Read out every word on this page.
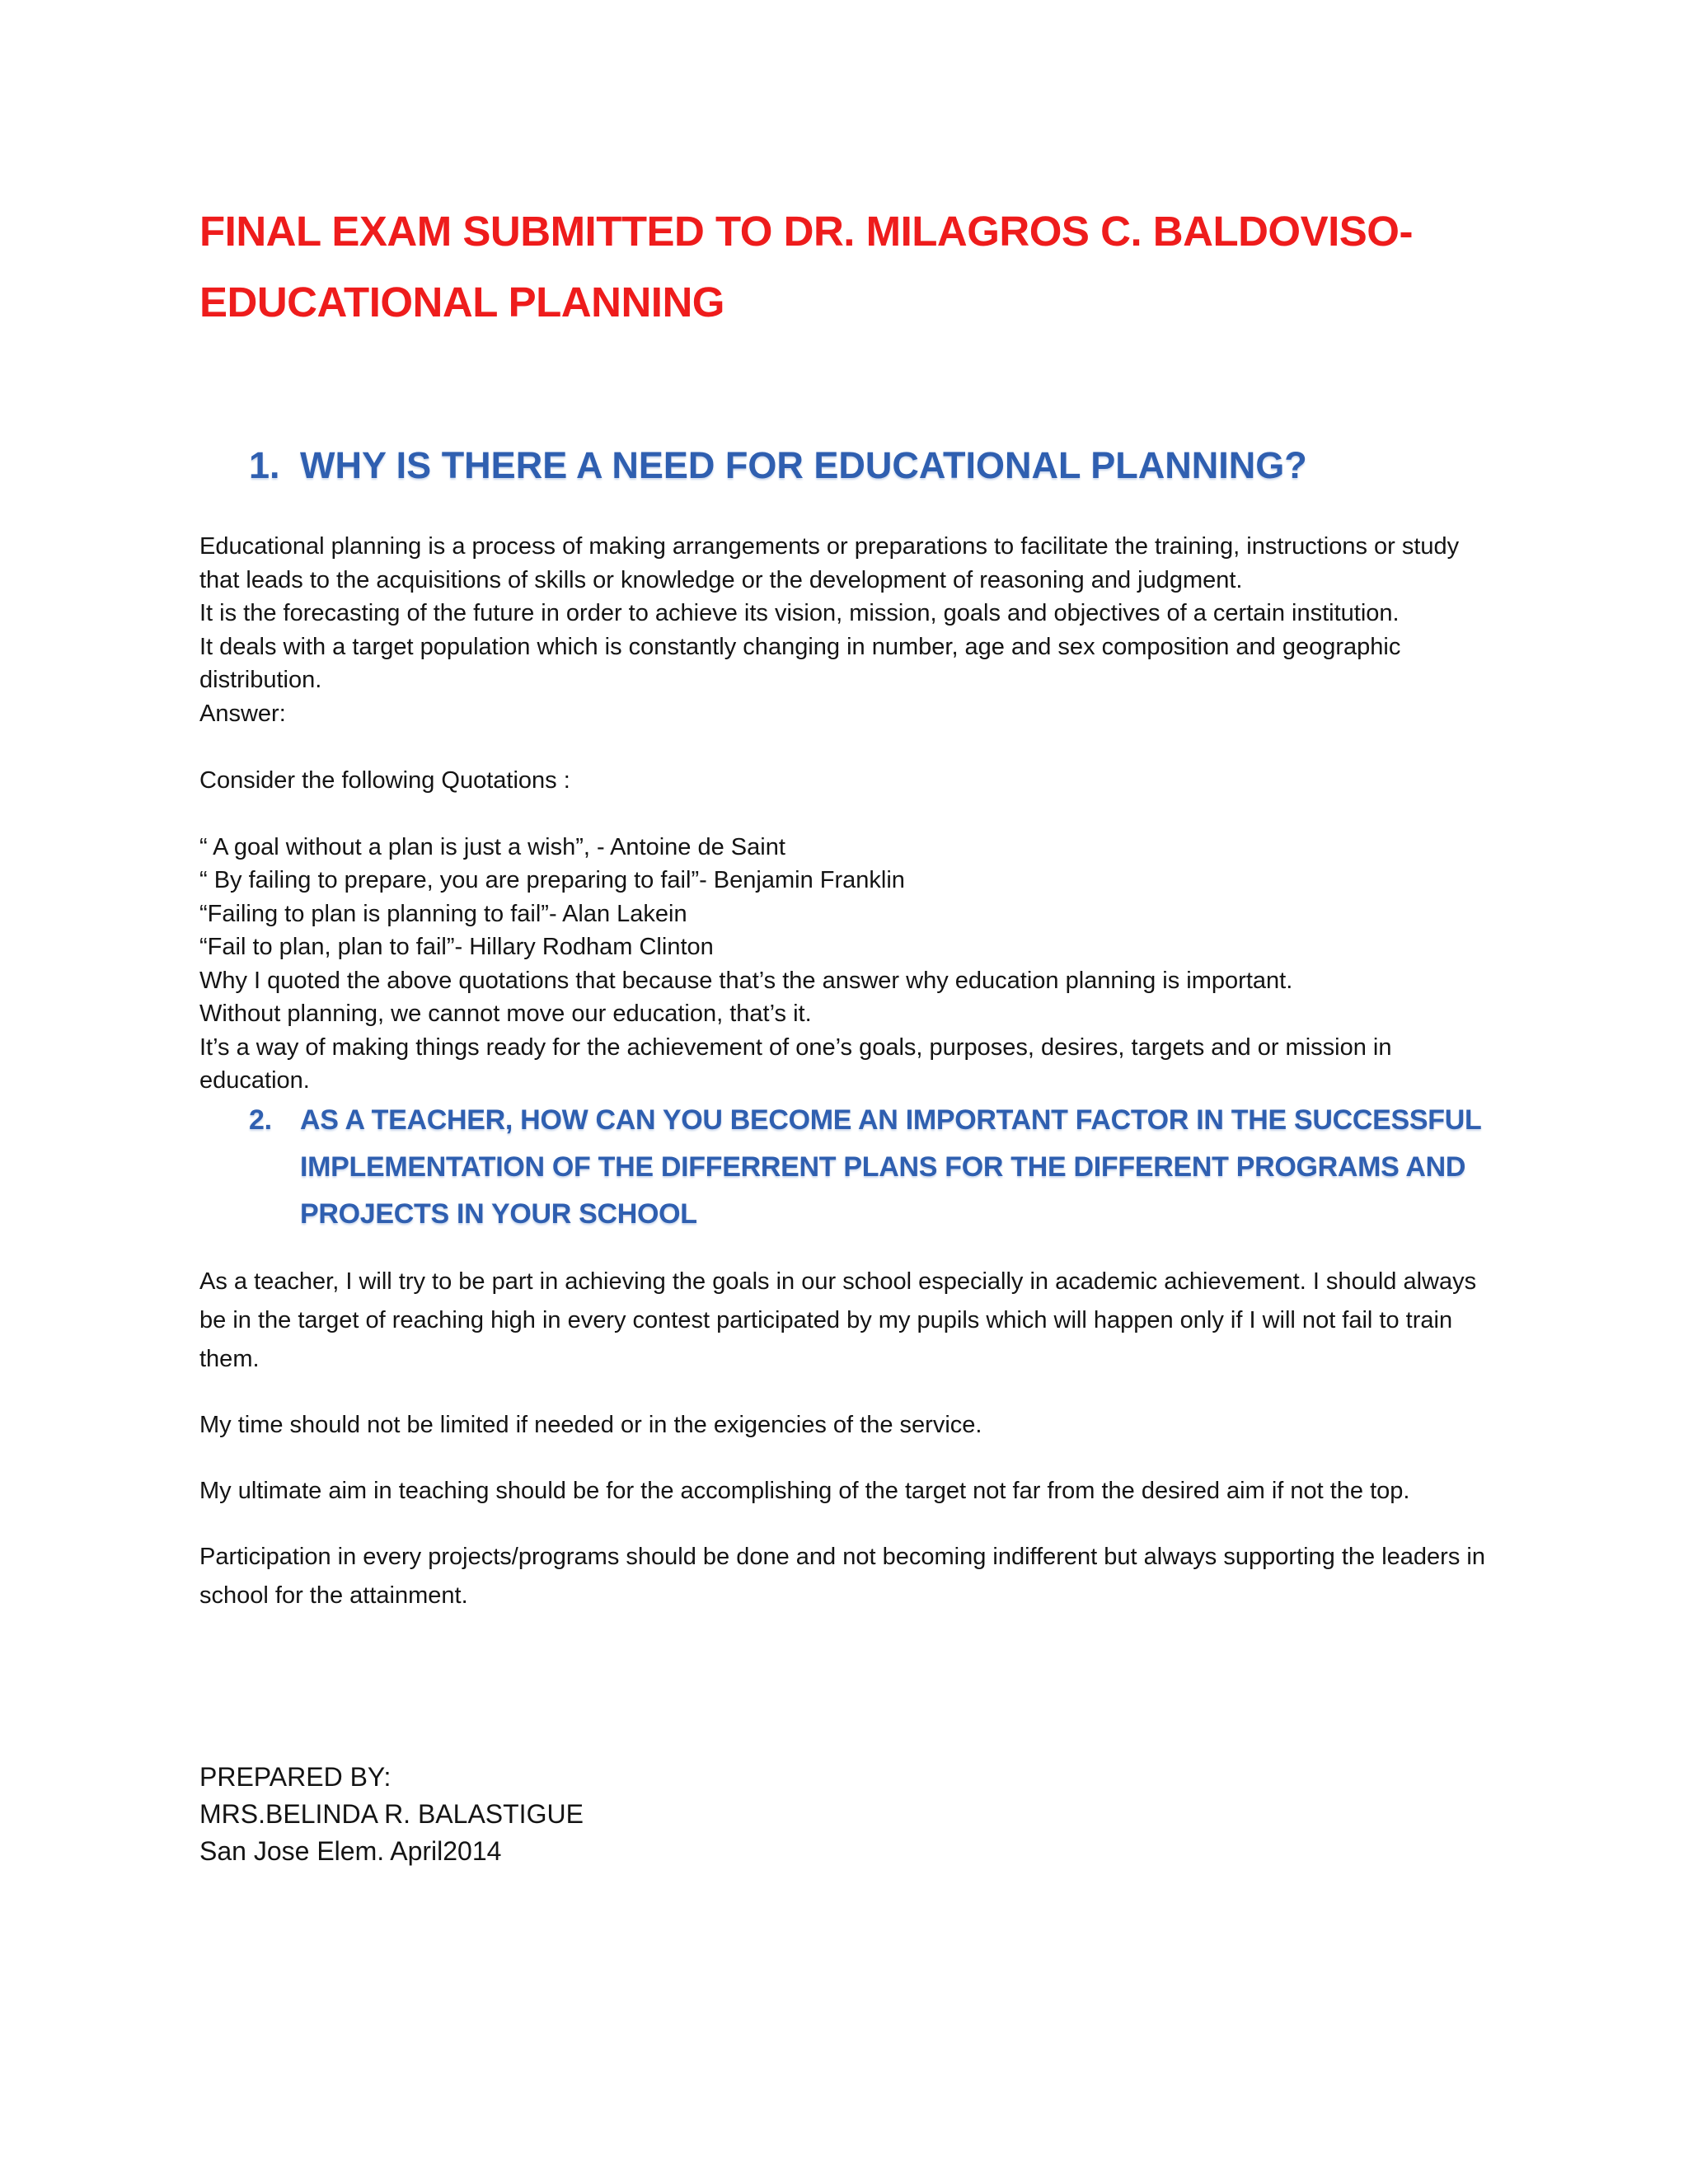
FINAL EXAM SUBMITTED TO DR. MILAGROS C. BALDOVISO-EDUCATIONAL PLANNING
1. WHY IS THERE A NEED FOR EDUCATIONAL PLANNING?

Educational planning is a process of making arrangements or preparations to facilitate the training, instructions or study that leads to the acquisitions of skills or knowledge or the development of reasoning and judgment.

It is the forecasting of the future in order to achieve its vision, mission, goals and objectives of a certain institution.

It deals with a target population which is constantly changing in number, age and sex composition and geographic distribution.

Answer:

Consider the following Quotations :

“ A goal without a plan is just a wish”, - Antoine de Saint

“ By failing to prepare, you are preparing to fail”- Benjamin Franklin

“Failing to plan is planning to fail”- Alan Lakein

“Fail to plan, plan to fail”- Hillary Rodham Clinton

Why I quoted the above quotations that because that’s the answer why education planning is important.

Without planning, we cannot move our education, that’s it.

It’s a way of making things ready for the achievement of one’s goals, purposes, desires, targets and or mission in education.

2.	AS A TEACHER, HOW CAN YOU BECOME AN IMPORTANT FACTOR IN THE SUCCESSFUL IMPLEMENTATION OF THE DIFFERRENT PLANS FOR THE DIFFERENT PROGRAMS AND PROJECTS IN YOUR SCHOOL

As a teacher, I will try to be part in achieving the goals in our school especially in academic achievement. I should always be in the target of reaching high in every contest participated by my pupils which will happen only if I will not fail to train them.

My time should not be limited if needed or in the exigencies of the service.

My ultimate aim in teaching should be for the accomplishing of the target not far from the desired aim if not the top.

Participation in every projects/programs should be done and not becoming indifferent but always supporting the leaders in school for the attainment.

PREPARED BY:

MRS.BELINDA R. BALASTIGUE

San Jose Elem. April2014
